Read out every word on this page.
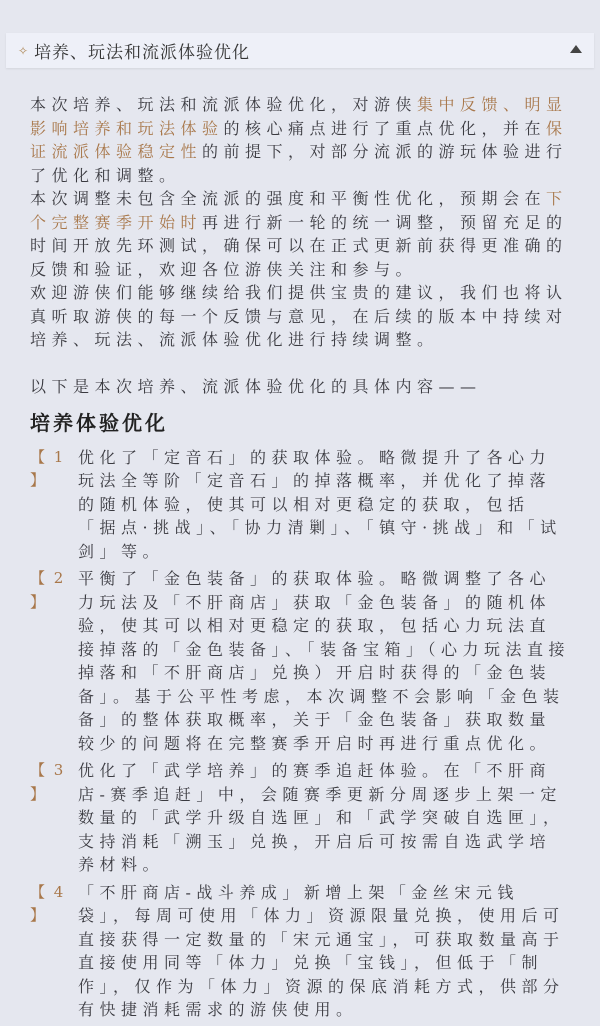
✧ 培养、玩法和流派体验优化

本次培养、玩法和流派体验优化，对游侠集中反馈、明显影响培养和玩法体验的核心痛点进行了重点优化，并在保证流派体验稳定性的前提下，对部分流派的游玩体验进行了优化和调整。

本次调整未包含全流派的强度和平衡性优化，预期会在下个完整赛季开始时再进行新一轮的统一调整，预留充足的时间开放先环测试，确保可以在正式更新前获得更准确的反馈和验证，欢迎各位游侠关注和参与。

欢迎游侠们能够继续给我们提供宝贵的建议，我们也将认真听取游侠的每一个反馈与意见，在后续的版本中持续对培养、玩法、流派体验优化进行持续调整。

以下是本次培养、流派体验优化的具体内容——

培养体验优化
【 1 】
优化了「定音石」的获取体验。略微提升了各心力玩法全等阶「定音石」的掉落概率，并优化了掉落的随机体验，使其可以相对更稳定的获取，包括「据点·挑战」、「协力清剿」、「镇守·挑战」和「试剑」等。
【 2 】
平衡了「金色装备」的获取体验。略微调整了各心力玩法及「不肝商店」获取「金色装备」的随机体验，使其可以相对更稳定的获取，包括心力玩法直接掉落的「金色装备」、「装备宝箱」（心力玩法直接掉落和「不肝商店」兑换）开启时获得的「金色装备」。基于公平性考虑，本次调整不会影响「金色装备」的整体获取概率，关于「金色装备」获取数量较少的问题将在完整赛季开启时再进行重点优化。
【 3 】
优化了「武学培养」的赛季追赶体验。在「不肝商店-赛季追赶」中，会随赛季更新分周逐步上架一定数量的「武学升级自选匣」和「武学突破自选匣」，支持消耗「溯玉」兑换，开启后可按需自选武学培养材料。
【 4 】
「不肝商店-战斗养成」新增上架「金丝宋元钱袋」，每周可使用「体力」资源限量兑换，使用后可直接获得一定数量的「宋元通宝」，可获取数量高于直接使用同等「体力」兑换「宝钱」，但低于「制作」，仅作为「体力」资源的保底消耗方式，供部分有快捷消耗需求的游侠使用。
